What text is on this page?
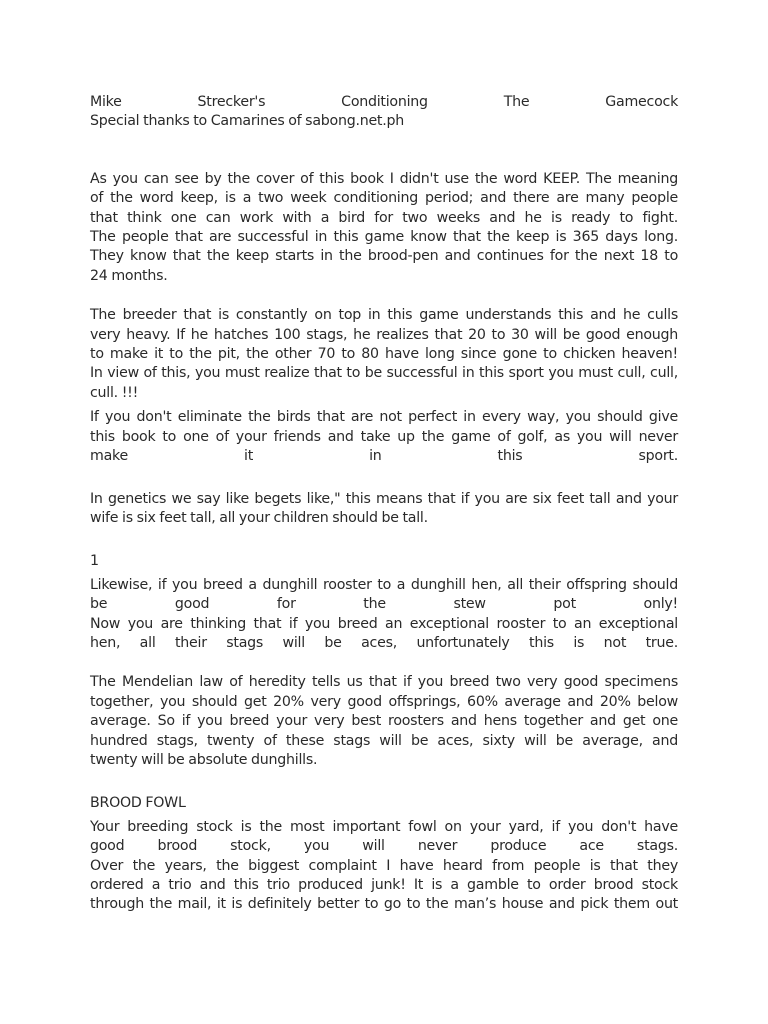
Mike	Strecker's	Conditioning	The	Gamecock
Special thanks to Camarines of sabong.net.ph
As you can see by the cover of this book I didn't use the word KEEP. The meaning
of the word keep, is a two week conditioning period; and there are many people
that think one can work with a bird for two weeks and he is ready to fight.
The people that are successful in this game know that the keep is 365 days long.
They know that the keep starts in the brood-pen and continues for the next 18 to
24 months.
The breeder that is constantly on top in this game understands this and he culls
very heavy. If he hatches 100 stags, he realizes that 20 to 30 will be good enough
to make it to the pit, the other 70 to 80 have long since gone to chicken heaven!
In view of this, you must realize that to be successful in this sport you must cull, cull,
cull. !!!
If you don't eliminate the birds that are not perfect in every way, you should give
this book to one of your friends and take up the game of golf, as you will never
make it in this sport.
In genetics we say like begets like," this means that if you are six feet tall and your
wife is six feet tall, all your children should be tall.
1
Likewise, if you breed a dunghill rooster to a dunghill hen, all their offspring should
be good for the stew pot only!
Now you are thinking that if you breed an exceptional rooster to an exceptional
hen, all their stags will be aces, unfortunately this is not true.
The Mendelian law of heredity tells us that if you breed two very good specimens
together, you should get 20% very good offsprings, 60% average and 20% below
average. So if you breed your very best roosters and hens together and get one
hundred stags, twenty of these stags will be aces, sixty will be average, and
twenty will be absolute dunghills.
BROOD FOWL
Your breeding stock is the most important fowl on your yard, if you don't have
good brood stock, you will never produce ace stags.
Over the years, the biggest complaint I have heard from people is that they
ordered a trio and this trio produced junk! It is a gamble to order brood stock
through the mail, it is definitely better to go to the man’s house and pick them out
